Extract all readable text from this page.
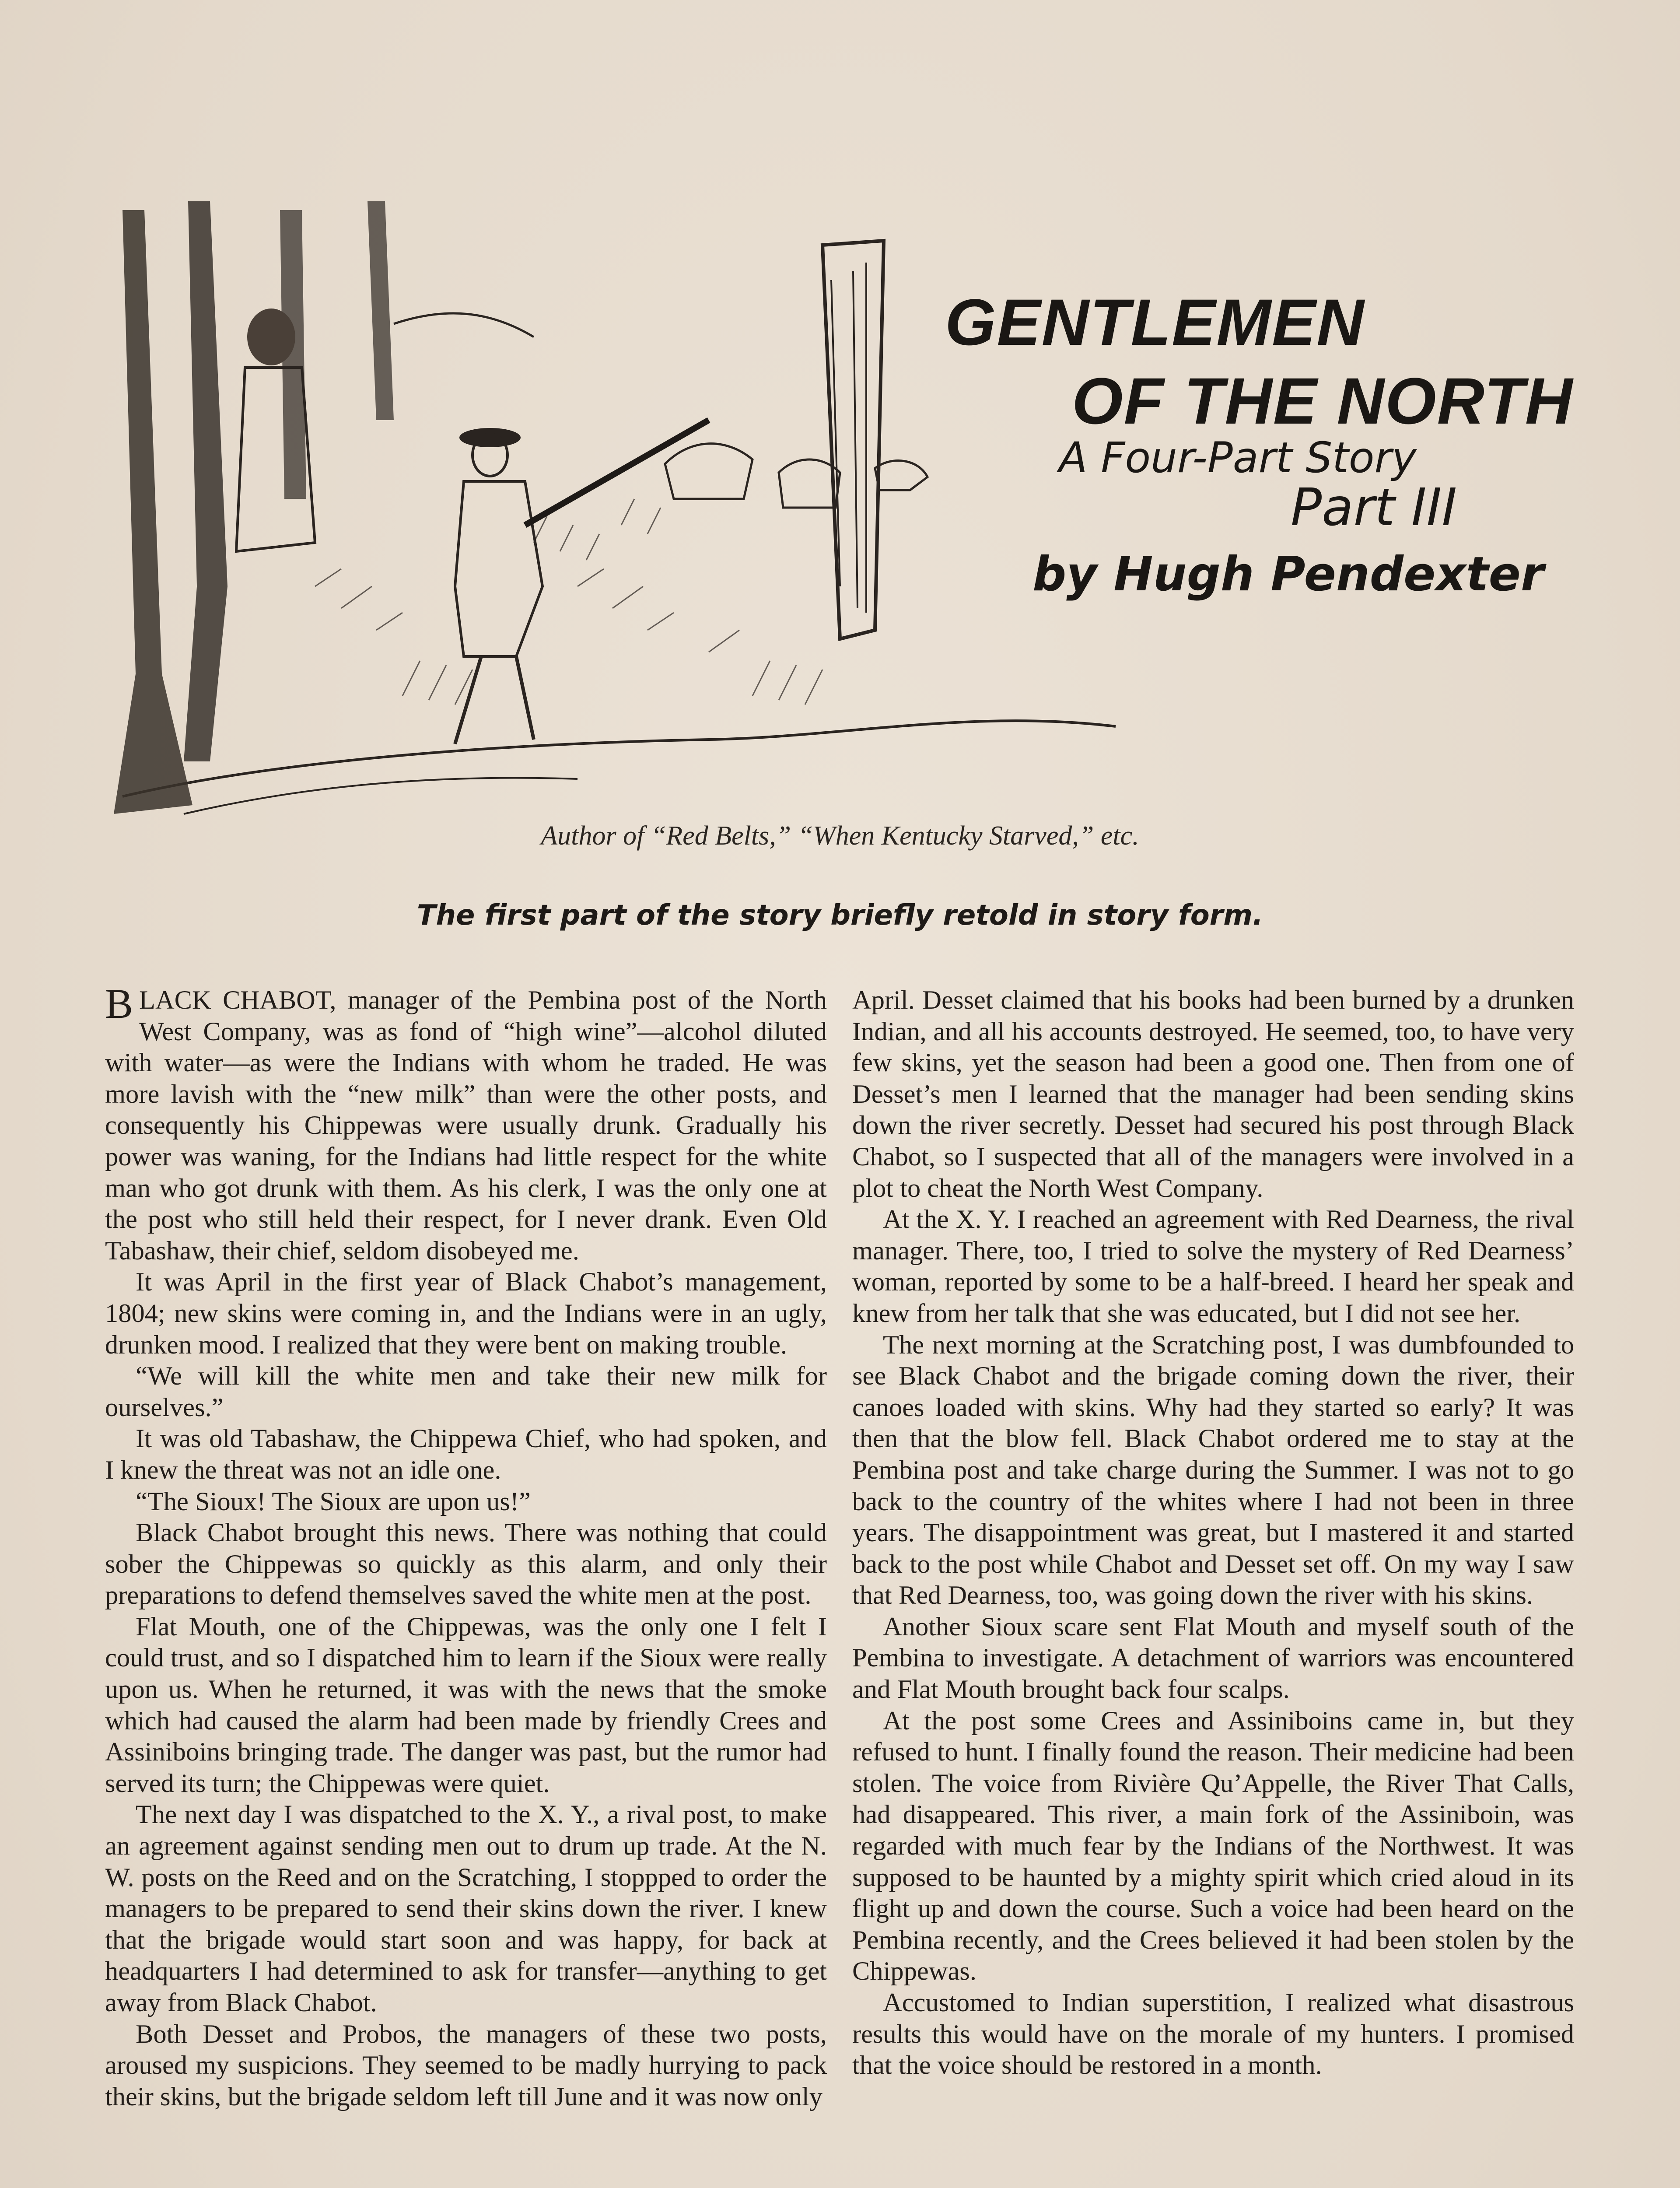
GENTLEMEN
OF THE NORTH
A Four-Part Story
Part III
by Hugh Pendexter
Author of “Red Belts,” “When Kentucky Starved,” etc.
The first part of the story briefly retold in story form.

BLACK CHABOT, manager of the Pembina post of the North West Company, was as fond of “high wine”—alcohol diluted with water—as were the Indians with whom he traded. He was more lavish with the “new milk” than were the other posts, and consequently his Chippewas were usually drunk. Gradually his power was waning, for the Indians had little respect for the white man who got drunk with them. As his clerk, I was the only one at the post who still held their respect, for I never drank. Even Old Tabashaw, their chief, seldom disobeyed me.

It was April in the first year of Black Chabot’s management, 1804; new skins were coming in, and the Indians were in an ugly, drunken mood. I realized that they were bent on making trouble.

“We will kill the white men and take their new milk for ourselves.”

It was old Tabashaw, the Chippewa Chief, who had spoken, and I knew the threat was not an idle one.

“The Sioux! The Sioux are upon us!”

Black Chabot brought this news. There was nothing that could sober the Chippewas so quickly as this alarm, and only their preparations to defend themselves saved the white men at the post.

Flat Mouth, one of the Chippewas, was the only one I felt I could trust, and so I dispatched him to learn if the Sioux were really upon us. When he returned, it was with the news that the smoke which had caused the alarm had been made by friendly Crees and Assiniboins bringing trade. The danger was past, but the rumor had served its turn; the Chippewas were quiet.

The next day I was dispatched to the X. Y., a rival post, to make an agreement against sending men out to drum up trade. At the N. W. posts on the Reed and on the Scratching, I stoppped to order the managers to be prepared to send their skins down the river. I knew that the brigade would start soon and was happy, for back at headquarters I had determined to ask for transfer—anything to get away from Black Chabot.

Both Desset and Probos, the managers of these two posts, aroused my suspicions. They seemed to be madly hurrying to pack their skins, but the brigade seldom left till June and it was now only

April. Desset claimed that his books had been burned by a drunken Indian, and all his accounts destroyed. He seemed, too, to have very few skins, yet the season had been a good one. Then from one of Desset’s men I learned that the manager had been sending skins down the river secretly. Desset had secured his post through Black Chabot, so I suspected that all of the managers were involved in a plot to cheat the North West Company.

At the X. Y. I reached an agreement with Red Dearness, the rival manager. There, too, I tried to solve the mystery of Red Dearness’ woman, reported by some to be a half-breed. I heard her speak and knew from her talk that she was educated, but I did not see her.

The next morning at the Scratching post, I was dumbfounded to see Black Chabot and the brigade coming down the river, their canoes loaded with skins. Why had they started so early? It was then that the blow fell. Black Chabot ordered me to stay at the Pembina post and take charge during the Summer. I was not to go back to the country of the whites where I had not been in three years. The disappointment was great, but I mastered it and started back to the post while Chabot and Desset set off. On my way I saw that Red Dearness, too, was going down the river with his skins.

Another Sioux scare sent Flat Mouth and myself south of the Pembina to investigate. A detachment of warriors was encountered and Flat Mouth brought back four scalps.

At the post some Crees and Assiniboins came in, but they refused to hunt. I finally found the reason. Their medicine had been stolen. The voice from Rivière Qu’Appelle, the River That Calls, had disappeared. This river, a main fork of the Assiniboin, was regarded with much fear by the Indians of the Northwest. It was supposed to be haunted by a mighty spirit which cried aloud in its flight up and down the course. Such a voice had been heard on the Pembina recently, and the Crees believed it had been stolen by the Chippewas.

Accustomed to Indian superstition, I realized what disastrous results this would have on the morale of my hunters. I promised that the voice should be restored in a month.
